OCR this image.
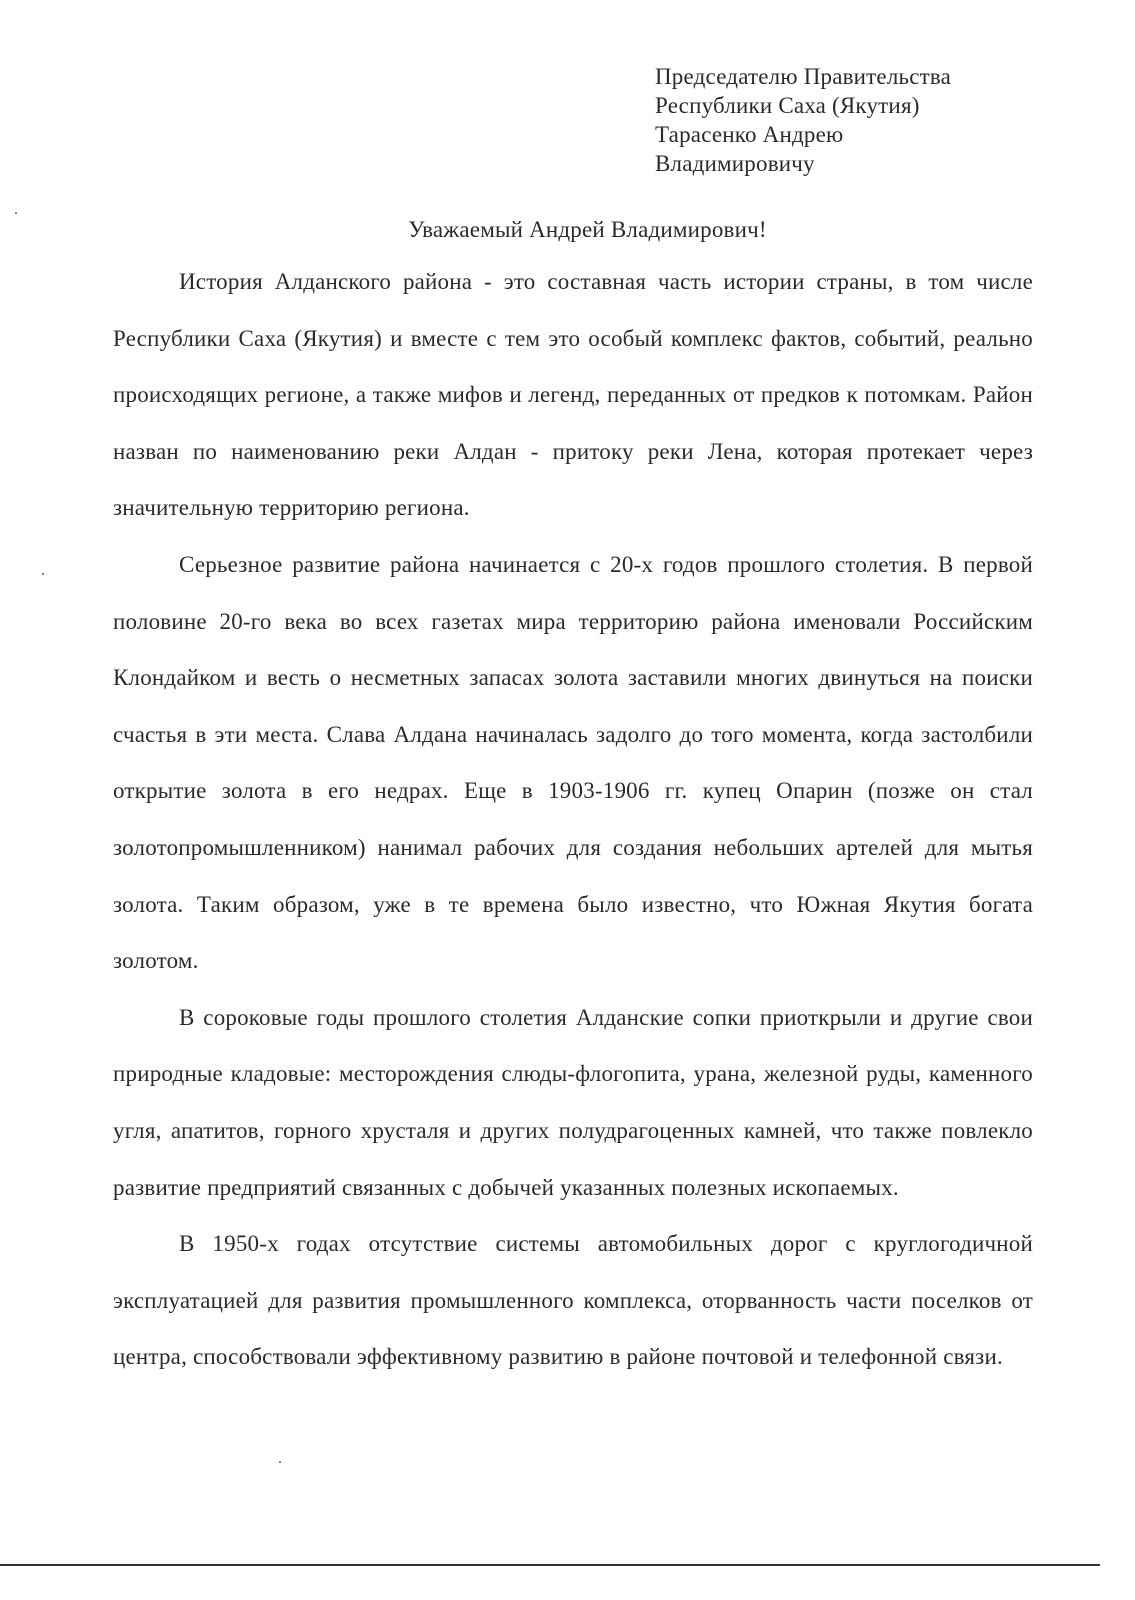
Председателю Правительства
Республики Саха (Якутия)
Тарасенко Андрею
Владимировичу
Уважаемый Андрей Владимирович!

История Алданского района - это составная часть истории страны, в том числе Республики Саха (Якутия) и вместе с тем это особый комплекс фактов, событий, реально происходящих регионе, а также мифов и легенд, переданных от предков к потомкам. Район назван по наименованию реки Алдан - притоку реки Лена, которая протекает через значительную территорию региона.

Серьезное развитие района начинается с 20-х годов прошлого столетия. В первой половине 20-го века во всех газетах мира территорию района именовали Российским Клондайком и весть о несметных запасах золота заставили многих двинуться на поиски счастья в эти места. Слава Алдана начиналась задолго до того момента, когда застолбили открытие золота в его недрах. Еще в 1903-1906 гг. купец Опарин (позже он стал золотопромышленником) нанимал рабочих для создания небольших артелей для мытья золота. Таким образом, уже в те времена было известно, что Южная Якутия богата золотом.

В сороковые годы прошлого столетия Алданские сопки приоткрыли и другие свои природные кладовые: месторождения слюды-флогопита, урана, железной руды, каменного угля, апатитов, горного хрусталя и других полудрагоценных камней, что также повлекло развитие предприятий связанных с добычей указанных полезных ископаемых.

В 1950-х годах отсутствие системы автомобильных дорог с круглогодичной эксплуатацией для развития промышленного комплекса, оторванность части поселков от центра, способствовали эффективному развитию в районе почтовой и телефонной связи.
